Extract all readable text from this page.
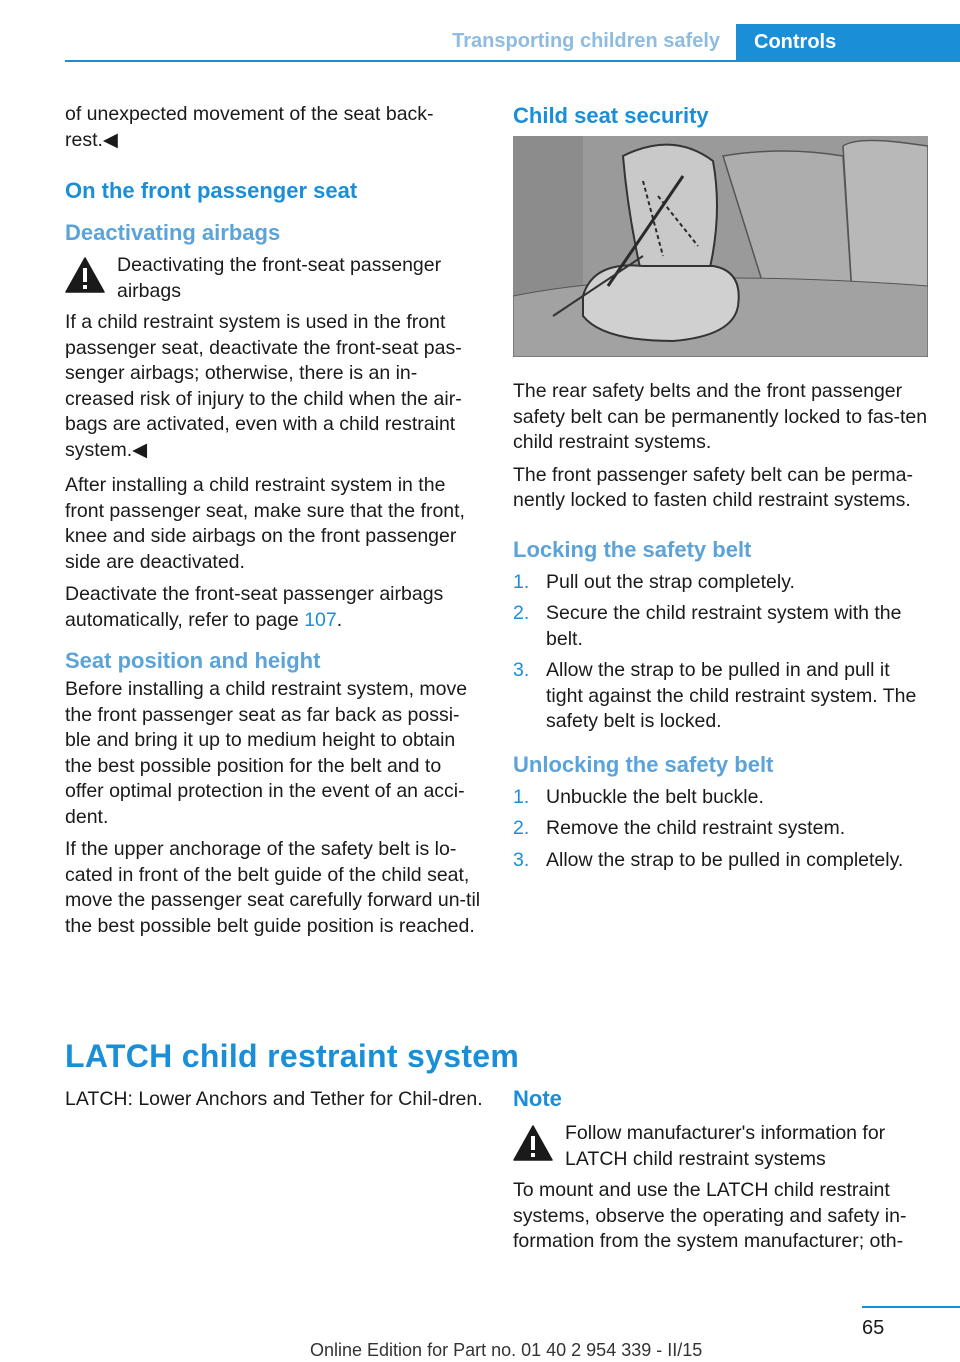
Transporting children safely	Controls

of unexpected movement of the seat back‐rest.◀

On the front passenger seat
Deactivating airbags
Deactivating the front-seat passenger airbags

If a child restraint system is used in the front passenger seat, deactivate the front-seat pas‐senger airbags; otherwise, there is an in‐creased risk of injury to the child when the air‐bags are activated, even with a child restraint system.◀

After installing a child restraint system in the front passenger seat, make sure that the front, knee and side airbags on the front passenger side are deactivated.

Deactivate the front-seat passenger airbags automatically, refer to page 107.

Seat position and height

Before installing a child restraint system, move the front passenger seat as far back as possi‐ble and bring it up to medium height to obtain the best possible position for the belt and to offer optimal protection in the event of an acci‐dent.

If the upper anchorage of the safety belt is lo‐cated in front of the belt guide of the child seat, move the passenger seat carefully forward un‐til the best possible belt guide position is reached.

Child seat security

The rear safety belts and the front passenger safety belt can be permanently locked to fas‐ten child restraint systems.

The front passenger safety belt can be perma‐nently locked to fasten child restraint systems.

Locking the safety belt
1. Pull out the strap completely.
2. Secure the child restraint system with the belt.
3. Allow the strap to be pulled in and pull it tight against the child restraint system. The safety belt is locked.
Unlocking the safety belt
1. Unbuckle the belt buckle.
2. Remove the child restraint system.
3. Allow the strap to be pulled in completely.
LATCH child restraint system

LATCH: Lower Anchors and Tether for Chil‐dren. Note
Follow manufacturer's information for LATCH child restraint systems

To mount and use the LATCH child restraint systems, observe the operating and safety in‐formation from the system manufacturer; oth‐

65
Online Edition for Part no. 01 40 2 954 339 - II/15
